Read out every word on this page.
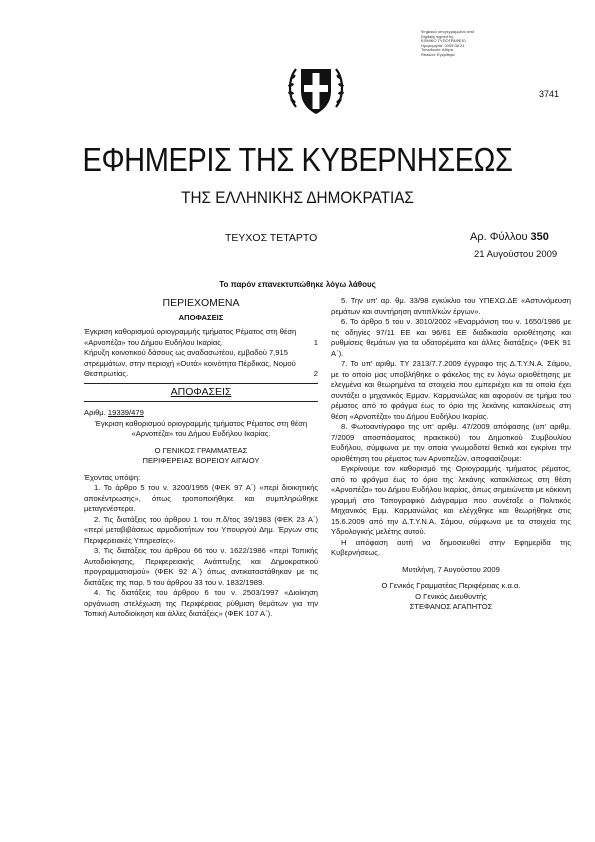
Ψηφιακά υπογεγραμμένο από
Digitally signed by
ΕΘΝΙΚΟ ΤΥΠΟΓΡΑΦΕΙΟ
Ημερομηνία: 2009.08.21
Τοποθεσία: Αθήνα
Reason: Εγκρίθηκε
3741
ΕΦΗΜΕΡΙΣ ΤΗΣ ΚΥΒΕΡΝΗΣΕΩΣ
ΤΗΣ ΕΛΛΗΝΙΚΗΣ ΔΗΜΟΚΡΑΤΙΑΣ
ΤΕΥΧΟΣ ΤΕΤΑΡΤΟ	Αρ. Φύλλου 350
21 Αυγούστου 2009
Το παρόν επανεκτυπώθηκε λόγω λάθους
ΠΕΡΙΕΧΟΜΕΝΑ
ΑΠΟΦΑΣΕΙΣ
Έγκριση καθορισμού οριογραμμής τμήματος Ρέματος στη θέση «Αρνοπέζα» του Δήμου Ευδήλου Ικαρίας.	1
Κήρυξη κοινοτικού δάσους ως αναδασωτέου, εμβαδού 7,915 στρεμμάτων, στην περιοχή «Ουτά» κοινότητα Πέρδικας, Νομού Θεσπρωτίας.	2
ΑΠΟΦΑΣΕΙΣ
Αριθμ. 19339/479
Έγκριση καθορισμού οριογραμμής τμήματος Ρέματος στη θέση «Αρνοπέζα» του Δήμου Ευδήλου Ικαρίας.
Ο ΓΕΝΙΚΟΣ ΓΡΑΜΜΑΤΕΑΣ
ΠΕΡΙΦΕΡΕΙΑΣ ΒΟΡΕΙΟΥ ΑΙΓΑΙΟΥ
Έχοντας υπόψη:

1. Το άρθρο 5 του ν. 3200/1955 (ΦΕΚ 97 Α΄) «περί διοικητικής αποκέντρωσης», όπως τροποποιήθηκε και συμπληρώθηκε μεταγενέστερα.

2. Τις διατάξεις του άρθρου 1 του π.δ/τος 39/1983 (ΦΕΚ 23 Α΄) «περί μεταβιβάσεως αρμοδιοτήτων του Υπουργού Δημ. Έργων στις Περιφερειακές Υπηρεσίες».

3. Τις διατάξεις του άρθρου 66 του ν. 1622/1986 «περί Τοπικής Αυτοδιοίκησης, Περιφερειακής Ανάπτυξης και Δημοκρατικού προγραμματισμού» (ΦΕΚ 92 Α΄) όπως αντικαταστάθηκαν με τις διατάξεις της παρ. 5 του άρθρου 33 του ν. 1832/1989.

4. Τις διατάξεις του άρθρου 6 του ν. 2503/1997 «Διοίκηση οργάνωση στελέχωση της Περιφέρειας ρύθμιση θεμάτων για την Τοπική Αυτοδιοίκηση και άλλες διατάξεις» (ΦΕΚ 107 Α΄).

5. Την υπ' αρ. θμ. 33/98 εγκύκλιο του ΥΠΕΧΩ.ΔΕ «Αστυνόμευση ρεμάτων και συντήρηση αντιπλ/κών έργων».

6. Το άρθρο 5 του ν. 3010/2002 «Εναρμόνιση του ν. 1650/1986 με τις οδηγίες 97/11 ΕΕ και 96/61 ΕΕ διαδικασία οριοθέτησης και ρυθμίσεις θεμάτων για τα υδατορέματα και άλλες διατάξεις» (ΦΕΚ 91 Α΄).

7. Το υπ' αριθμ. ΤΥ 2313/7.7.2009 έγγραφο της Δ.Τ.Υ.Ν.Α. Σάμου, με το οποίο μας υποβλήθηκε ο φάκελος της εν λόγω οριοθέτησης με ελεγμένα και θεωρημένα τα στοιχεία που εμπεριέχει και τα οποία έχει συντάξει ο μηχανικός Εμμαν. Καρμανώλας και αφορούν σε τμήμα του ρέματος από το φράγμα έως το όριο της λεκάνης κατακλίσεως στη θέση «Αρνοπέζα» του Δήμου Ευδήλου Ικαρίας.

8. Φωτοαντίγραφο της υπ' αριθμ. 47/2009 απόφασης (υπ' αριθμ. 7/2009 αποσπάσματος πρακτικού) του Δημοτικού Συμβουλίου Ευδήλου, σύμφωνα με την οποία γνωμοδοτεί θετικά και εγκρίνει την οριοθέτηση του ρέματος των Αρνοπεζών, αποφασίζουμε:

Εγκρίνουμε τον καθορισμό της Οριογραμμής τμήματος ρέματος, από το φράγμα έως το όριο της λεκάνης κατακλίσεως στη θέση «Αρνοπέζα» του Δήμου Ευδήλου Ικαρίας, όπως σημειώνεται με κόκκινη γραμμή στο Τοπογραφικό Διάγραμμα που συνέταξε ο Πολιτικός Μηχανικός Εμμ. Καρμανώλας και ελέγχθηκε και θεωρήθηκε στις 15.6.2009 από την Δ.Τ.Υ.Ν.Α. Σάμου, σύμφωνα με τα στοιχεία της Υδρολογικής μελέτης αυτού.

Η απόφαση αυτή να δημοσιευθεί στην Εφημερίδα της Κυβερνήσεως.

Μυτιλήνη, 7 Αυγούστου 2009
Ο Γενικός Γραμματέας Περιφέρειας κ.α.α.
Ο Γενικός Διευθυντής
ΣΤΕΦΑΝΟΣ ΑΓΑΠΗΤΟΣ
